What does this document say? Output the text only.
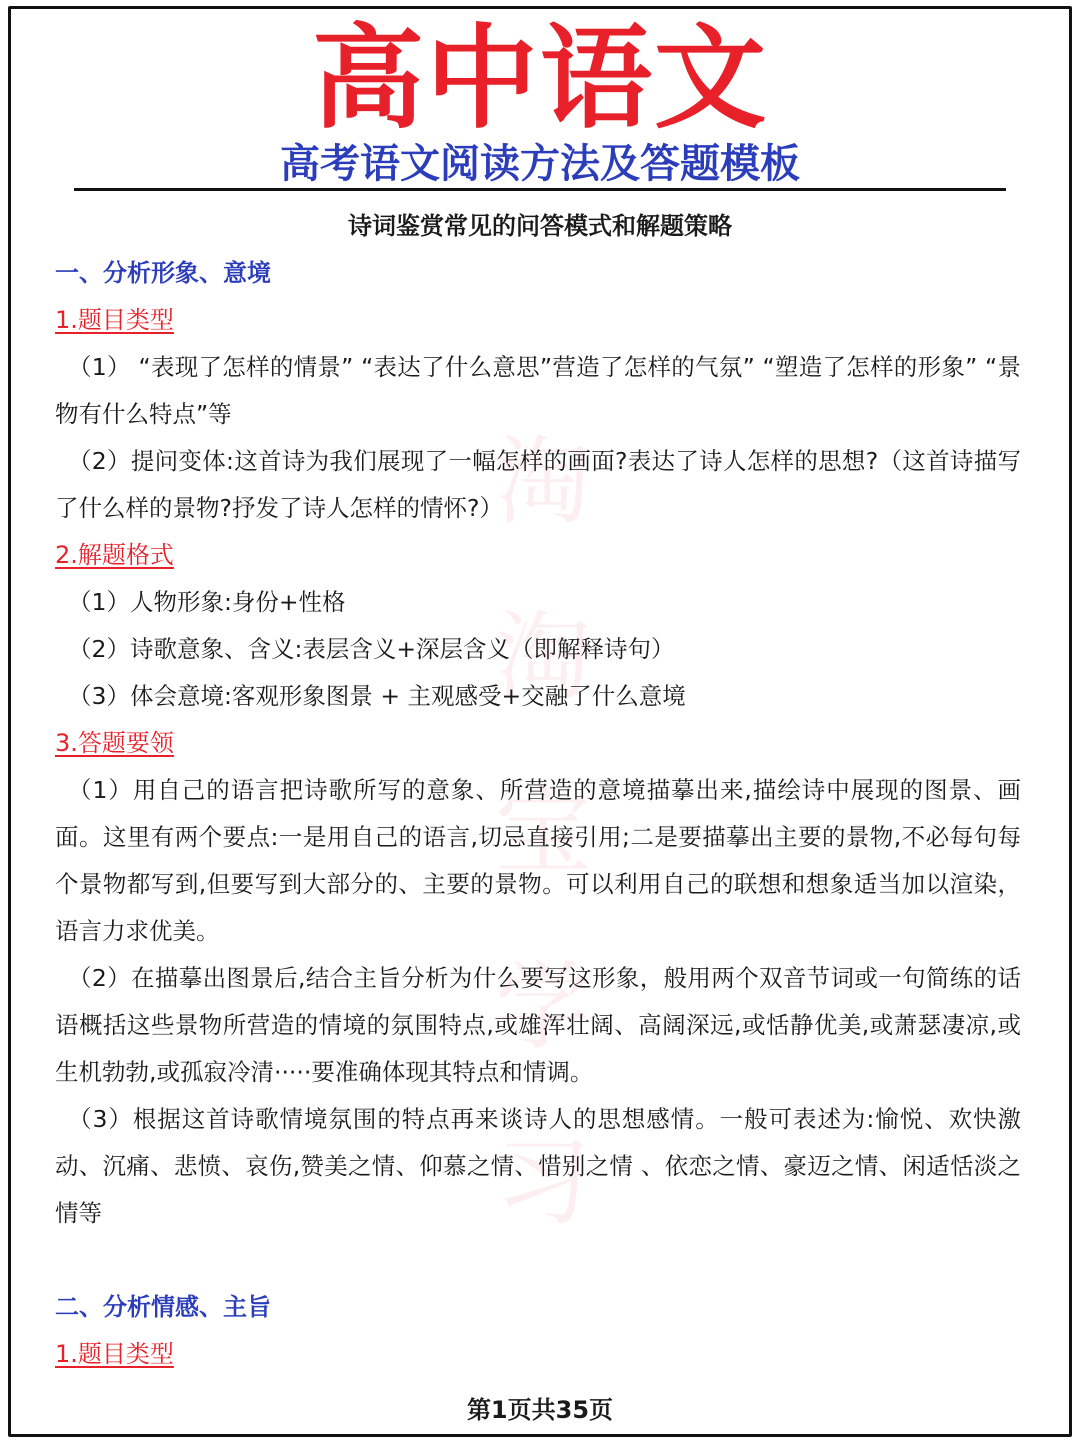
淘
淘
宝
学
习
高中语文
高考语文阅读方法及答题模板
诗词鉴赏常见的问答模式和解题策略

一、分析形象、意境

1.题目类型

（1） “表现了怎样的情景” “表达了什么意思”营造了怎样的气氛” “塑造了怎样的形象” “景物有什么特点”等

（2）提问变体:这首诗为我们展现了一幅怎样的画面?表达了诗人怎样的思想?（这首诗描写了什么样的景物?抒发了诗人怎样的情怀?）

2.解题格式

（1）人物形象:身份+性格

（2）诗歌意象、含义:表层含义+深层含义（即解释诗句）

（3）体会意境:客观形象图景 + 主观感受+交融了什么意境

3.答题要领

（1）用自己的语言把诗歌所写的意象、所营造的意境描摹出来,描绘诗中展现的图景、画面。这里有两个要点:一是用自己的语言,切忌直接引用;二是要描摹出主要的景物,不必每句每个景物都写到,但要写到大部分的、主要的景物。可以利用自己的联想和想象适当加以渲染，语言力求优美。

（2）在描摹出图景后,结合主旨分析为什么要写这形象，般用两个双音节词或一句简练的话语概括这些景物所营造的情境的氛围特点,或雄浑壮阔、高阔深远,或恬静优美,或萧瑟凄凉,或生机勃勃,或孤寂冷清·····要准确体现其特点和情调。

（3）根据这首诗歌情境氛围的特点再来谈诗人的思想感情。一般可表述为:愉悦、欢快激动、沉痛、悲愤、哀伤,赞美之情、仰慕之情、惜别之情 、依恋之情、豪迈之情、闲适恬淡之情等

二、分析情感、主旨

1.题目类型

第1页共35页
